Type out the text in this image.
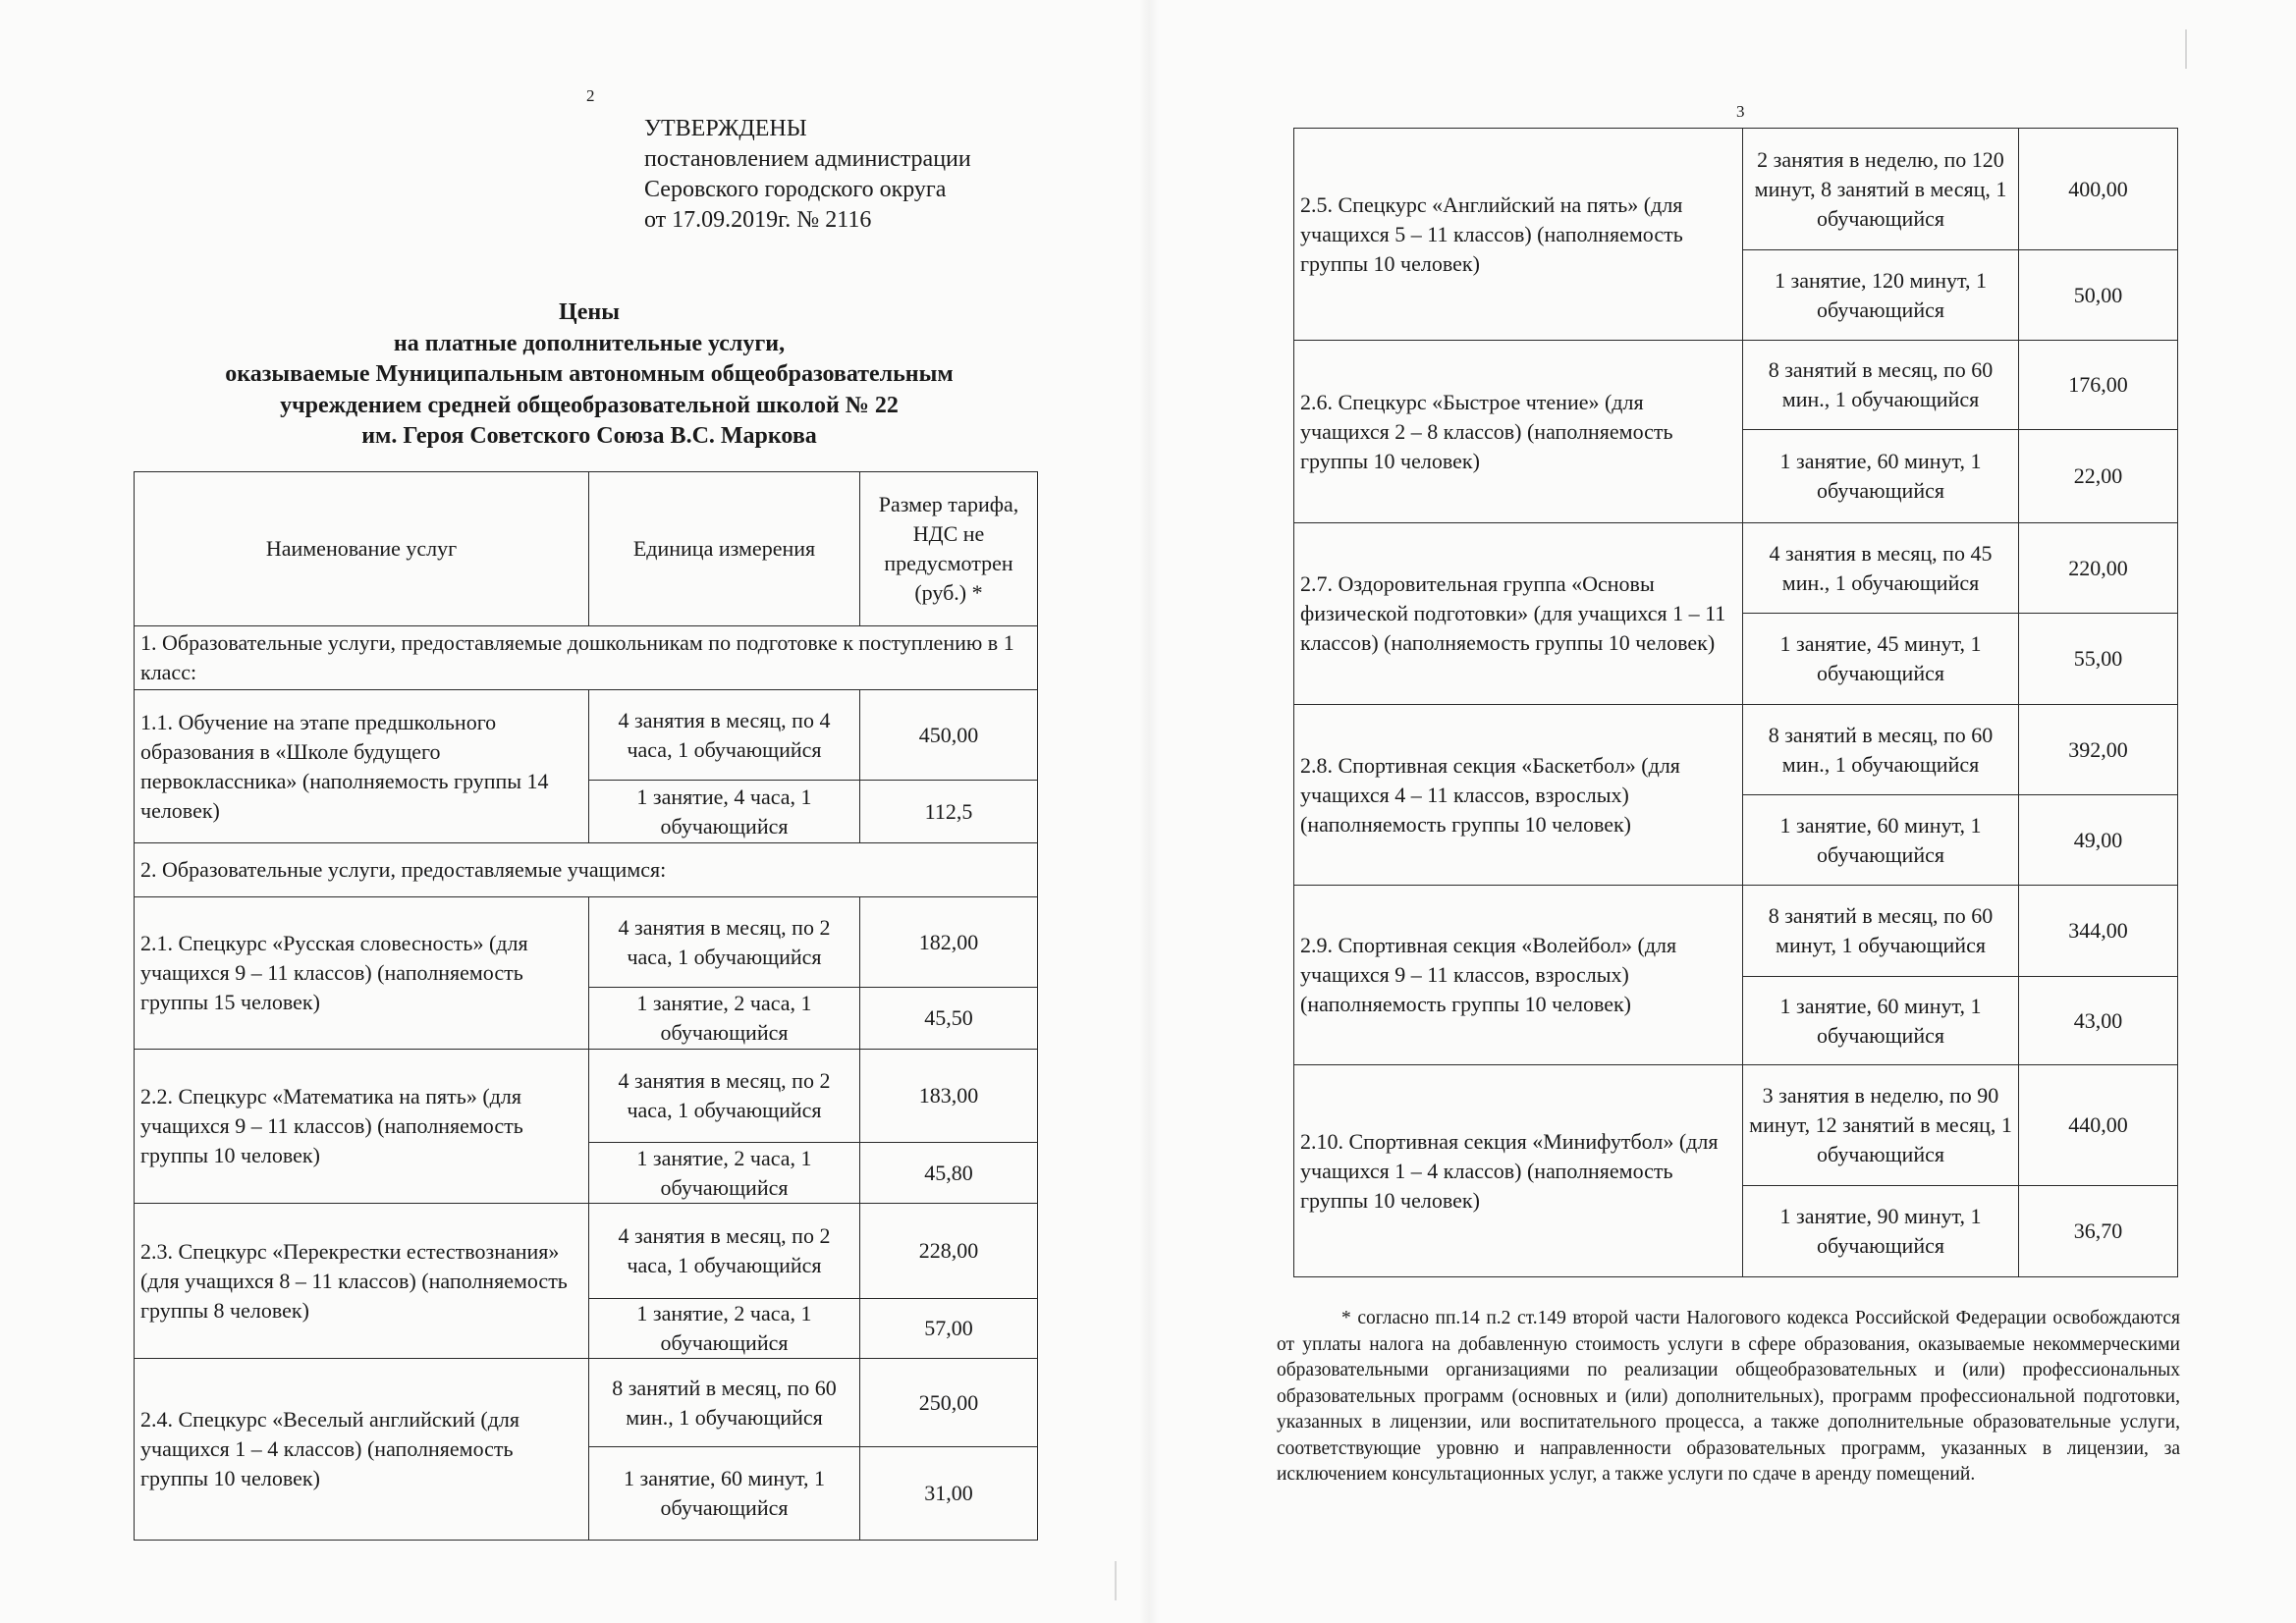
2
УТВЕРЖДЕНЫ
постановлением администрации
Серовского городского округа
от 17.09.2019г. № 2116
Цены
на платные дополнительные услуги,
оказываемые Муниципальным автономным общеобразовательным
учреждением средней общеобразовательной школой № 22
им. Героя Советского Союза В.С. Маркова
Наименование услуг	Единица измерения	Размер тарифа, НДС не предусмотрен (руб.) *
1. Образовательные услуги, предоставляемые дошкольникам по подготовке к поступлению в 1 класс:		
1.1. Обучение на этапе предшкольного образования в «Школе будущего первоклассника» (наполняемость группы 14 человек)	4 занятия в месяц, по 4 часа, 1 обучающийся	450,00
	1 занятие, 4 часа, 1 обучающийся	112,5
2. Образовательные услуги, предоставляемые учащимся:		
2.1. Спецкурс «Русская словесность» (для учащихся 9 – 11 классов) (наполняемость группы 15 человек)	4 занятия в месяц, по 2 часа, 1 обучающийся	182,00
	1 занятие, 2 часа, 1 обучающийся	45,50
2.2. Спецкурс «Математика на пять» (для учащихся 9 – 11 классов) (наполняемость группы 10 человек)	4 занятия в месяц, по 2 часа, 1 обучающийся	183,00
	1 занятие, 2 часа, 1 обучающийся	45,80
2.3. Спецкурс «Перекрестки естествознания» (для учащихся 8 – 11 классов) (наполняемость группы 8 человек)	4 занятия в месяц, по 2 часа, 1 обучающийся	228,00
	1 занятие, 2 часа, 1 обучающийся	57,00
2.4. Спецкурс «Веселый английский (для учащихся 1 – 4 классов) (наполняемость группы 10 человек)	8 занятий в месяц, по 60 мин., 1 обучающийся	250,00
	1 занятие, 60 минут, 1 обучающийся	31,00
3
2.5. Спецкурс «Английский на пять» (для учащихся 5 – 11 классов) (наполняемость группы 10 человек)	2 занятия в неделю, по 120 минут, 8 занятий в месяц, 1 обучающийся	400,00
	1 занятие, 120 минут, 1 обучающийся	50,00
2.6. Спецкурс «Быстрое чтение» (для учащихся 2 – 8 классов) (наполняемость группы 10 человек)	8 занятий в месяц, по 60 мин., 1 обучающийся	176,00
	1 занятие, 60 минут, 1 обучающийся	22,00
2.7. Оздоровительная группа «Основы физической подготовки» (для учащихся 1 – 11 классов) (наполняемость группы 10 человек)	4 занятия в месяц, по 45 мин., 1 обучающийся	220,00
	1 занятие, 45 минут, 1 обучающийся	55,00
2.8. Спортивная секция «Баскетбол» (для учащихся 4 – 11 классов, взрослых) (наполняемость группы 10 человек)	8 занятий в месяц, по 60 мин., 1 обучающийся	392,00
	1 занятие, 60 минут, 1 обучающийся	49,00
2.9. Спортивная секция «Волейбол» (для учащихся 9 – 11 классов, взрослых) (наполняемость группы 10 человек)	8 занятий в месяц, по 60 минут, 1 обучающийся	344,00
	1 занятие, 60 минут, 1 обучающийся	43,00
2.10. Спортивная секция «Минифутбол» (для учащихся 1 – 4 классов) (наполняемость группы 10 человек)	3 занятия в неделю, по 90 минут, 12 занятий в месяц, 1 обучающийся	440,00
	1 занятие, 90 минут, 1 обучающийся	36,70

* согласно пп.14 п.2 ст.149 второй части Налогового кодекса Российской Федерации освобождаются от уплаты налога на добавленную стоимость услуги в сфере образования, оказываемые некоммерческими образовательными организациями по реализации общеобразовательных и (или) профессиональных образовательных программ (основных и (или) дополнительных), программ профессиональной подготовки, указанных в лицензии, или воспитательного процесса, а также дополнительные образовательные услуги, соответствующие уровню и направленности образовательных программ, указанных в лицензии, за исключением консультационных услуг, а также услуги по сдаче в аренду помещений.
